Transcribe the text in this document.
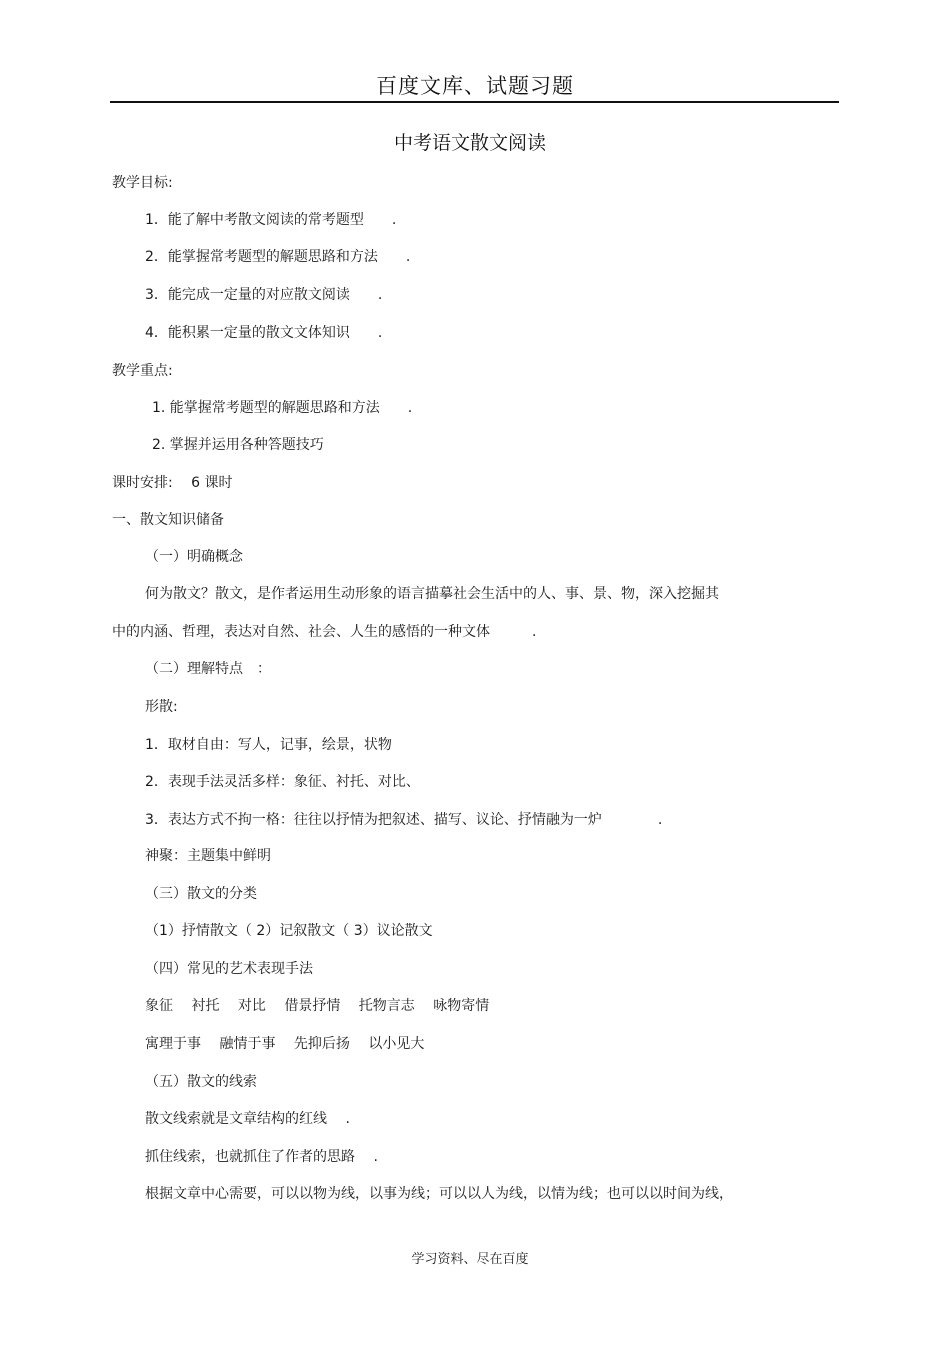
百度文库、试题习题
中考语文散文阅读
教学目标:
1．能了解中考散文阅读的常考题型　　.
2．能掌握常考题型的解题思路和方法　　.
3．能完成一定量的对应散文阅读　　.
4．能积累一定量的散文文体知识　　.
教学重点:
1. 能掌握常考题型的解题思路和方法　　.
2. 掌握并运用各种答题技巧
课时安排:　 6 课时
一、散文知识储备
（一）明确概念
何为散文？散文，是作者运用生动形象的语言描摹社会生活中的人、事、景、物，深入挖掘其
中的内涵、哲理，表达对自然、社会、人生的感悟的一种文体　　　.
（二）理解特点　：
形散:
1．取材自由：写人，记事，绘景，状物
2．表现手法灵活多样：象征、衬托、对比、
3．表达方式不拘一格：往往以抒情为把叙述、描写、议论、抒情融为一炉　　　　.
神聚：主题集中鲜明
（三）散文的分类
（1）抒情散文（ 2）记叙散文（ 3）议论散文
（四）常见的艺术表现手法
象征　 衬托　 对比　 借景抒情　 托物言志　 咏物寄情
寓理于事　 融情于事　 先抑后扬　 以小见大
（五）散文的线索
散文线索就是文章结构的红线　 .
抓住线索，也就抓住了作者的思路　 .
根据文章中心需要，可以以物为线，以事为线；可以以人为线，以情为线；也可以以时间为线，
学习资料、尽在百度
